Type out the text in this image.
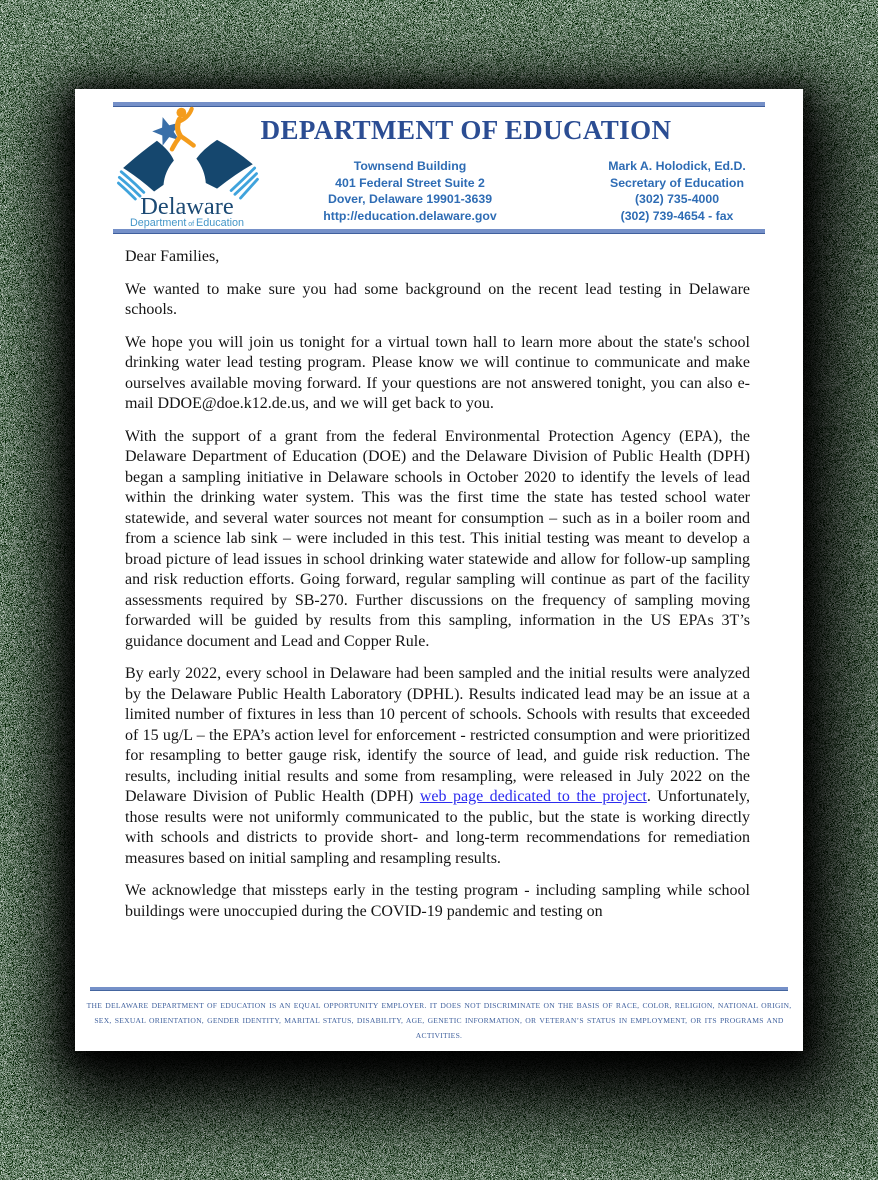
Delaware
Department of Education
DEPARTMENT OF EDUCATION
Townsend Building
401 Federal Street Suite 2
Dover, Delaware 19901-3639
http://education.delaware.gov
Mark A. Holodick, Ed.D.
Secretary of Education
(302) 735-4000
(302) 739-4654 - fax

Dear Families,

We wanted to make sure you had some background on the recent lead testing in Delaware schools.

We hope you will join us tonight for a virtual town hall to learn more about the state's school drinking water lead testing program. Please know we will continue to communicate and make ourselves available moving forward. If your questions are not answered tonight, you can also e-mail DDOE@doe.k12.de.us, and we will get back to you.

With the support of a grant from the federal Environmental Protection Agency (EPA), the Delaware Department of Education (DOE) and the Delaware Division of Public Health (DPH) began a sampling initiative in Delaware schools in October 2020 to identify the levels of lead within the drinking water system. This was the first time the state has tested school water statewide, and several water sources not meant for consumption – such as in a boiler room and from a science lab sink – were included in this test. This initial testing was meant to develop a broad picture of lead issues in school drinking water statewide and allow for follow-up sampling and risk reduction efforts. Going forward, regular sampling will continue as part of the facility assessments required by SB-270. Further discussions on the frequency of sampling moving forwarded will be guided by results from this sampling, information in the US EPAs 3T’s guidance document and Lead and Copper Rule.

By early 2022, every school in Delaware had been sampled and the initial results were analyzed by the Delaware Public Health Laboratory (DPHL). Results indicated lead may be an issue at a limited number of fixtures in less than 10 percent of schools. Schools with results that exceeded of 15 ug/L – the EPA’s action level for enforcement - restricted consumption and were prioritized for resampling to better gauge risk, identify the source of lead, and guide risk reduction. The results, including initial results and some from resampling, were released in July 2022 on the Delaware Division of Public Health (DPH) web page dedicated to the project. Unfortunately, those results were not uniformly communicated to the public, but the state is working directly with schools and districts to provide short- and long-term recommendations for remediation measures based on initial sampling and resampling results.

We acknowledge that missteps early in the testing program - including sampling while school buildings were unoccupied during the COVID-19 pandemic and testing on

THE DELAWARE DEPARTMENT OF EDUCATION IS AN EQUAL OPPORTUNITY EMPLOYER. IT DOES NOT DISCRIMINATE ON THE BASIS OF RACE, COLOR, RELIGION, NATIONAL ORIGIN, SEX, SEXUAL ORIENTATION, GENDER IDENTITY, MARITAL STATUS, DISABILITY, AGE, GENETIC INFORMATION, OR VETERAN’S STATUS IN EMPLOYMENT, OR ITS PROGRAMS AND ACTIVITIES.
